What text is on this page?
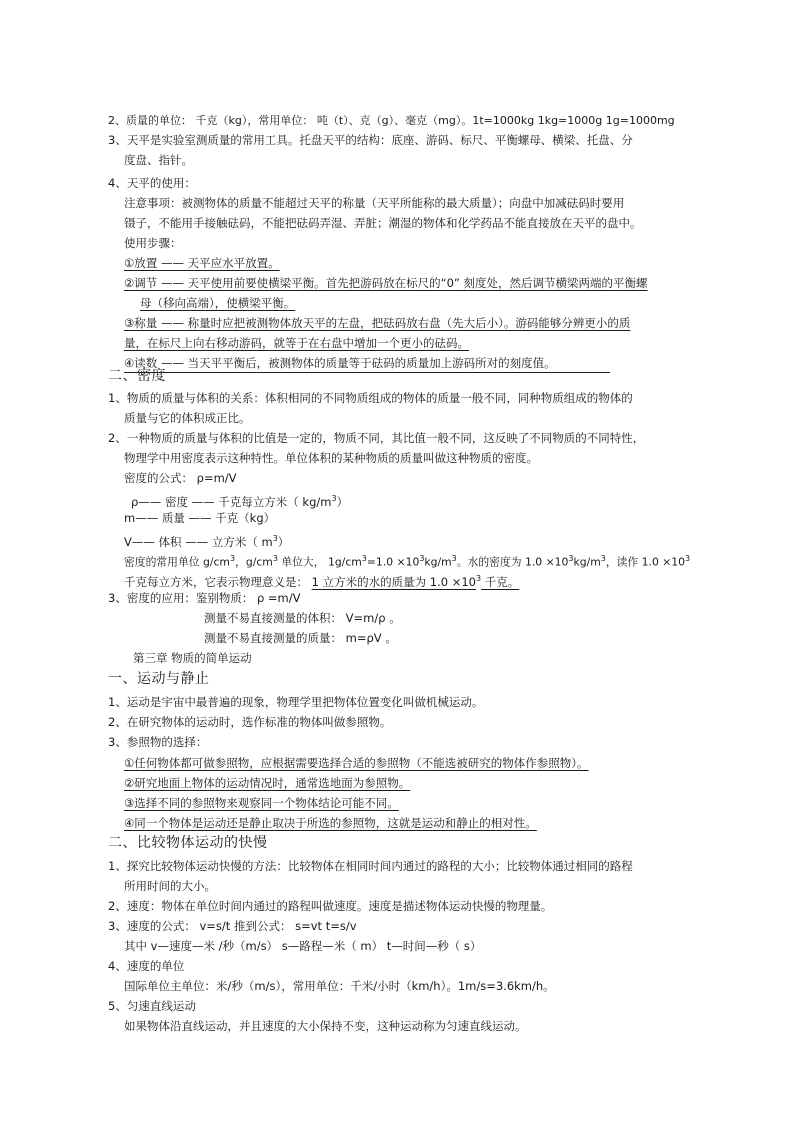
2、质量的单位： 千克（kg），常用单位： 吨（t）、克（g）、毫克（mg）。1t=1000kg 1kg=1000g 1g=1000mg
3、天平是实验室测质量的常用工具。托盘天平的结构：底座、游码、标尺、平衡螺母、横梁、托盘、分
度盘、指针。
4、天平的使用：
注意事项：被测物体的质量不能超过天平的称量（天平所能称的最大质量）；向盘中加减砝码时要用
镊子，不能用手接触砝码，不能把砝码弄湿、弄脏；潮湿的物体和化学药品不能直接放在天平的盘中。
使用步骤：
①放置 —— 天平应水平放置。
②调节 —— 天平使用前要使横梁平衡。首先把游码放在标尺的“0” 刻度处，然后调节横梁两端的平衡螺
母（移向高端），使横梁平衡。
③称量 —— 称量时应把被测物体放天平的左盘，把砝码放右盘（先大后小）。游码能够分辨更小的质
量，在标尺上向右移动游码，就等于在右盘中增加一个更小的砝码。
④读数 —— 当天平平衡后，被测物体的质量等于砝码的质量加上游码所对的刻度值。
二、密度
1、物质的质量与体积的关系：体积相同的不同物质组成的物体的质量一般不同，同种物质组成的物体的
质量与它的体积成正比。
2、一种物质的质量与体积的比值是一定的，物质不同，其比值一般不同，这反映了不同物质的不同特性，
物理学中用密度表示这种特性。单位体积的某种物质的质量叫做这种物质的密度。
密度的公式： ρ=m/V
ρ—— 密度 —— 千克每立方米（ $kg/m^3$）
m—— 质量 —— 千克（kg）
V—— 体积 —— 立方米（ $m^3$）
密度的常用单位 $g/cm^3$，$g/cm^3$ 单位大， $1g/cm^3=1.0 \times 10^3kg/m^3$。水的密度为 $1.0 \times 10^3kg/m^3$，读作 $1.0 \times 10^3$
千克每立方米，它表示物理意义是： 1 立方米的水的质量为 $1.0 \times 10^3$ 千克。
3、密度的应用：鉴别物质： ρ =m/V
测量不易直接测量的体积： V=m/ρ 。
测量不易直接测量的质量： m=ρV 。
第三章 物质的简单运动
一、运动与静止
1、运动是宇宙中最普遍的现象，物理学里把物体位置变化叫做机械运动。
2、在研究物体的运动时，选作标准的物体叫做参照物。
3、参照物的选择：
①任何物体都可做参照物，应根据需要选择合适的参照物（不能选被研究的物体作参照物）。
②研究地面上物体的运动情况时，通常选地面为参照物。
③选择不同的参照物来观察同一个物体结论可能不同。
④同一个物体是运动还是静止取决于所选的参照物，这就是运动和静止的相对性。
二、比较物体运动的快慢
1、探究比较物体运动快慢的方法：比较物体在相同时间内通过的路程的大小；比较物体通过相同的路程
所用时间的大小。
2、速度：物体在单位时间内通过的路程叫做速度。速度是描述物体运动快慢的物理量。
3、速度的公式： v=s/t 推到公式： s=vt t=s/v
其中 v—速度—米 /秒（m/s） s—路程—米（ m） t—时间—秒（ s）
4、速度的单位
国际单位主单位：米/秒（m/s），常用单位：千米/小时（km/h）。1m/s=3.6km/h。
5、匀速直线运动
如果物体沿直线运动，并且速度的大小保持不变，这种运动称为匀速直线运动。
